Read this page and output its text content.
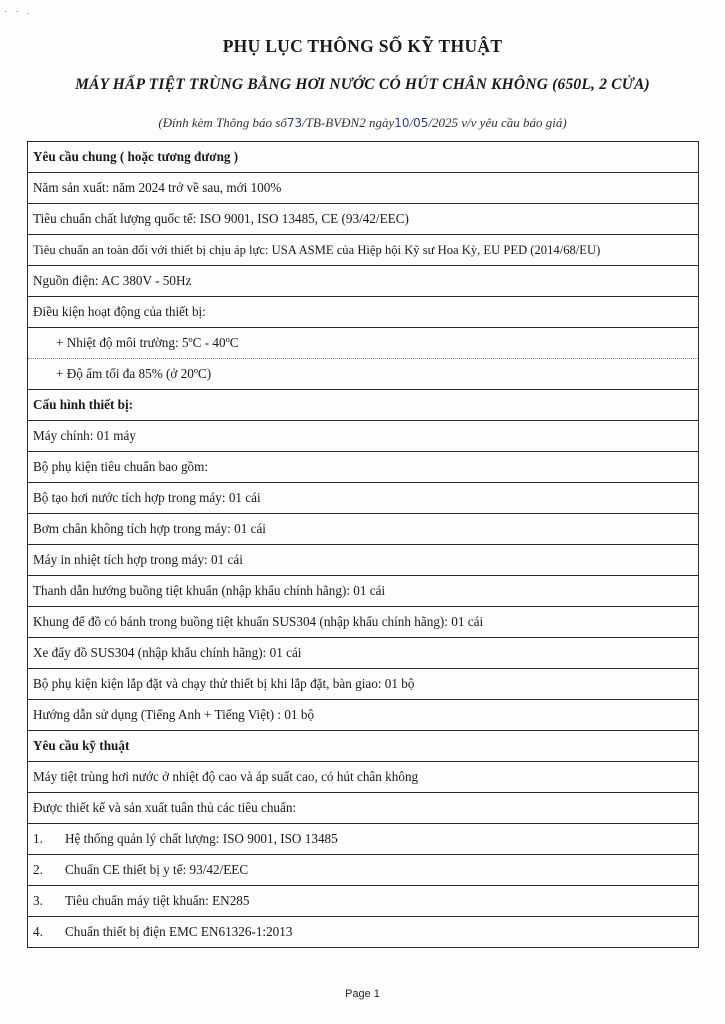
· · .
PHỤ LỤC THÔNG SỐ KỸ THUẬT
MÁY HẤP TIỆT TRÙNG BẰNG HƠI NƯỚC CÓ HÚT CHÂN KHÔNG (650L, 2 CỬA)
(Đính kèm Thông báo số73/TB-BVĐN2 ngày10/05/2025 v/v yêu cầu báo giá)
Yêu cầu chung ( hoặc tương đương )
Năm sản xuất: năm 2024 trở về sau, mới 100%
Tiêu chuẩn chất lượng quốc tế: ISO 9001, ISO 13485, CE (93/42/EEC)
Tiêu chuẩn an toàn đối với thiết bị chịu áp lực: USA ASME của Hiệp hội Kỹ sư Hoa Kỳ, EU PED (2014/68/EU)
Nguồn điện: AC 380V - 50Hz
Điều kiện hoạt động của thiết bị:
+ Nhiệt độ môi trường: 5ºC - 40ºC
+ Độ ẩm tối đa 85% (ở 20ºC)
Cấu hình thiết bị:
Máy chính: 01 máy
Bộ phụ kiện tiêu chuẩn bao gồm:
Bộ tạo hơi nước tích hợp trong máy: 01 cái
Bơm chân không tích hợp trong máy: 01 cái
Máy in nhiệt tích hợp trong máy: 01 cái
Thanh dẫn hướng buồng tiệt khuẩn (nhập khẩu chính hãng): 01 cái
Khung để đồ có bánh trong buồng tiệt khuẩn SUS304 (nhập khẩu chính hãng): 01 cái
Xe đẩy đồ SUS304 (nhập khẩu chính hãng): 01 cái
Bộ phụ kiện kiện lắp đặt và chạy thử thiết bị khi lắp đặt, bàn giao: 01 bộ
Hướng dẫn sử dụng (Tiếng Anh + Tiếng Việt) : 01 bộ
Yêu cầu kỹ thuật
Máy tiệt trùng hơi nước ở nhiệt độ cao và áp suất cao, có hút chân không
Được thiết kế và sản xuất tuân thủ các tiêu chuẩn:
1. Hệ thống quản lý chất lượng: ISO 9001, ISO 13485
2. Chuẩn CE thiết bị y tế: 93/42/EEC
3. Tiêu chuẩn máy tiệt khuẩn: EN285
4. Chuẩn thiết bị điện EMC EN61326-1:2013
Page 1
